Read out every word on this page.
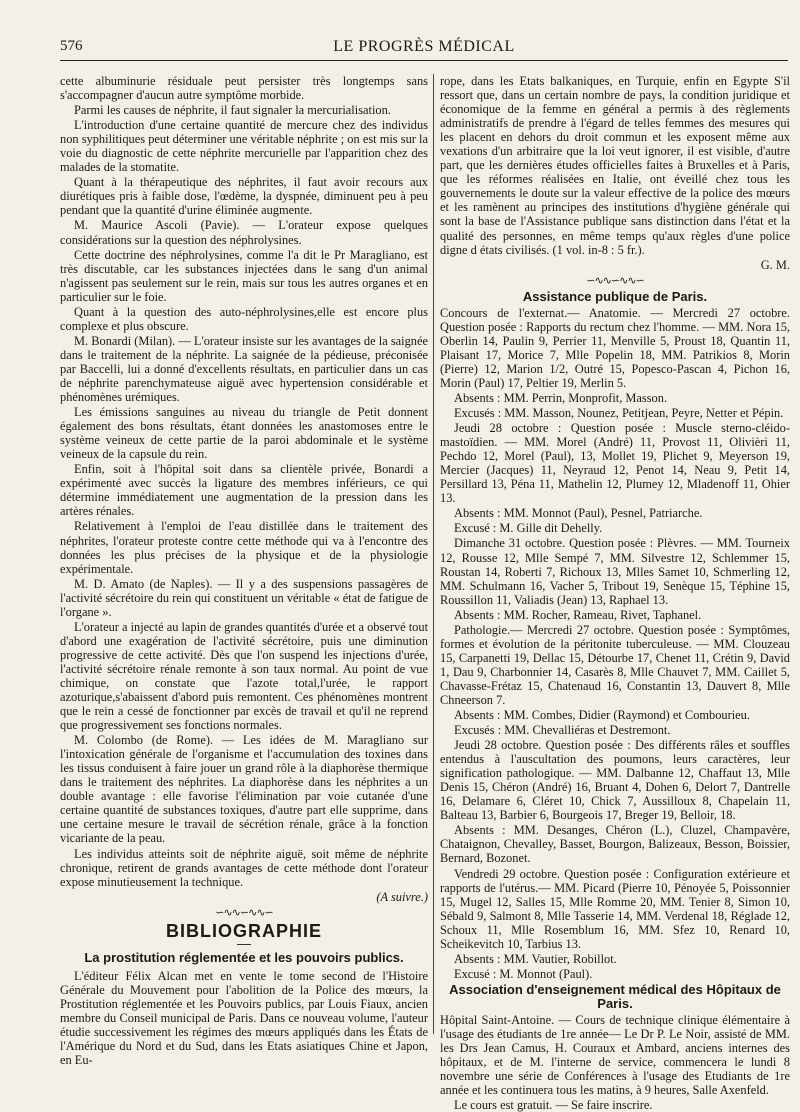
576	LE PROGRÈS MÉDICAL

cette albuminurie résiduale peut persister très longtemps sans s'accompagner d'aucun autre symptôme morbide.

Parmi les causes de néphrite, il faut signaler la mercurialisation.

L'introduction d'une certaine quantité de mercure chez des individus non syphilitiques peut déterminer une véritable néphrite ; on est mis sur la voie du diagnostic de cette néphrite mercurielle par l'apparition chez des malades de la stomatite.

Quant à la thérapeutique des néphrites, il faut avoir recours aux diurétiques pris à faible dose, l'œdème, la dyspnée, diminuent peu à peu pendant que la quantité d'urine éliminée augmente.

M. Maurice Ascoli (Pavie). — L'orateur expose quelques considérations sur la question des néphrolysines.

Cette doctrine des néphrolysines, comme l'a dit le Pr Maragliano, est très discutable, car les substances injectées dans le sang d'un animal n'agissent pas seulement sur le rein, mais sur tous les autres organes et en particulier sur le foie.

Quant à la question des auto-néphrolysines,elle est encore plus complexe et plus obscure.

M. Bonardi (Milan). — L'orateur insiste sur les avantages de la saignée dans le traitement de la néphrite. La saignée de la pédieuse, préconisée par Baccelli, lui a donné d'excellents résultats, en particulier dans un cas de néphrite parenchymateuse aiguë avec hypertension considérable et phénomènes urémiques.

Les émissions sanguines au niveau du triangle de Petit donnent également des bons résultats, étant données les anastomoses entre le système veineux de cette partie de la paroi abdominale et le système veineux de la capsule du rein.

Enfin, soit à l'hôpital soit dans sa clientèle privée, Bonardi a expérimenté avec succès la ligature des membres inférieurs, ce qui détermine immédiatement une augmentation de la pression dans les artères rénales.

Relativement à l'emploi de l'eau distillée dans le traitement des néphrites, l'orateur proteste contre cette méthode qui va à l'encontre des données les plus précises de la physique et de la physiologie expérimentale.

M. D. Amato (de Naples). — Il y a des suspensions passagères de l'activité sécrétoire du rein qui constituent un véritable « état de fatigue de l'organe ».

L'orateur a injecté au lapin de grandes quantités d'urée et a observé tout d'abord une exagération de l'activité sécrétoire, puis une diminution progressive de cette activité. Dès que l'on suspend les injections d'urée, l'activité sécrétoire rénale remonte à son taux normal. Au point de vue chimique, on constate que l'azote total,l'urée, le rapport azoturique,s'abaissent d'abord puis remontent. Ces phénomènes montrent que le rein a cessé de fonctionner par excès de travail et qu'il ne reprend que progressivement ses fonctions normales.

M. Colombo (de Rome). — Les idées de M. Maragliano sur l'intoxication générale de l'organisme et l'accumulation des toxines dans les tissus conduisent à faire jouer un grand rôle à la diaphorèse thermique dans le traitement des néphrites. La diaphorèse dans les néphrites a un double avantage : elle favorise l'élimination par voie cutanée d'une certaine quantité de substances toxiques, d'autre part elle supprime, dans une certaine mesure le travail de sécrétion rénale, grâce à la fonction vicariante de la peau.

Les individus atteints soit de néphrite aiguë, soit même de néphrite chronique, retirent de grands avantages de cette méthode dont l'orateur expose minutieusement la technique.

(A suivre.)

∽∿∿∽∿∿∽
BIBLIOGRAPHIE
La prostitution réglementée et les pouvoirs publics.

L'éditeur Félix Alcan met en vente le tome second de l'Histoire Générale du Mouvement pour l'abolition de la Police des mœurs, la Prostitution réglementée et les Pouvoirs publics, par Louis Fiaux, ancien membre du Conseil municipal de Paris. Dans ce nouveau volume, l'auteur étudie successivement les régimes des mœurs appliqués dans les États de l'Amérique du Nord et du Sud, dans les Etats asiatiques Chine et Japon, en Eu-

rope, dans les Etats balkaniques, en Turquie, enfin en Egypte S'il ressort que, dans un certain nombre de pays, la condition juridique et économique de la femme en général a permis à des règlements administratifs de prendre à l'égard de telles femmes des mesures qui les placent en dehors du droit commun et les exposent même aux vexations d'un arbitraire que la loi veut ignorer, il est visible, d'autre part, que les dernières études officielles faites à Bruxelles et à Paris, que les réformes réalisées en Italie, ont éveillé chez tous les gouvernements le doute sur la valeur effective de la police des mœurs et les ramènent au principes des institutions d'hygiène générale qui sont la base de l'Assistance publique sans distinction dans l'état et la qualité des personnes, en même temps qu'aux règles d'une police digne d états civilisés. (1 vol. in-8 : 5 fr.).

G. M.

∽∿∿∽∿∿∽
Assistance publique de Paris.

Concours de l'externat.— Anatomie. — Mercredi 27 octobre. Question posée : Rapports du rectum chez l'homme. — MM. Nora 15, Oberlin 14, Paulin 9, Perrier 11, Menville 5, Proust 18, Quantin 11, Plaisant 17, Morice 7, Mlle Popelin 18, MM. Patrikios 8, Morin (Pierre) 12, Marion 1/2, Outré 15, Popesco-Pascan 4, Pichon 16, Morin (Paul) 17, Peltier 19, Merlin 5.

Absents : MM. Perrin, Monprofit, Masson.

Excusés : MM. Masson, Nounez, Petitjean, Peyre, Netter et Pépin.

Jeudi 28 octobre : Question posée : Muscle sterno-cléido-mastoïdien. — MM. Morel (André) 11, Provost 11, Olivièri 11, Pechdo 12, Morel (Paul), 13, Mollet 19, Plichet 9, Meyerson 19, Mercier (Jacques) 11, Neyraud 12, Penot 14, Neau 9, Petit 14, Persillard 13, Péna 11, Mathelin 12, Plumey 12, Mladenoff 11, Ohier 13.

Absents : MM. Monnot (Paul), Pesnel, Patriarche.

Excusé : M. Gille dit Dehelly.

Dimanche 31 octobre. Question posée : Plèvres. — MM. Tourneix 12, Rousse 12, Mlle Sempé 7, MM. Silvestre 12, Schlemmer 15, Roustan 14, Roberti 7, Richoux 13, Mlles Samet 10, Schmerling 12, MM. Schulmann 16, Vacher 5, Tribout 19, Senèque 15, Téphine 15, Roussillon 11, Valiadis (Jean) 13, Raphael 13.

Absents : MM. Rocher, Rameau, Rivet, Taphanel.

Pathologie.— Mercredi 27 octobre. Question posée : Symptômes, formes et évolution de la péritonite tuberculeuse. — MM. Clouzeau 15, Carpanetti 19, Dellac 15, Détourbe 17, Chenet 11, Crétin 9, David 1, Dau 9, Charbonnier 14, Casarès 8, Mlle Chauvet 7, MM. Caillet 5, Chavasse-Frétaz 15, Chatenaud 16, Constantin 13, Dauvert 8, Mlle Chneerson 7.

Absents : MM. Combes, Didier (Raymond) et Combourieu.

Excusés : MM. Chevalliéras et Destremont.

Jeudi 28 octobre. Question posée : Des différents râles et souffles entendus à l'auscultation des poumons, leurs caractères, leur signification pathologique. — MM. Dalbanne 12, Chaffaut 13, Mlle Denis 15, Chéron (André) 16, Bruant 4, Dohen 6, Delort 7, Dantrelle 16, Delamare 6, Cléret 10, Chick 7, Aussilloux 8, Chapelain 11, Balteau 13, Barbier 6, Bourgeois 17, Breger 19, Belloir, 18.

Absents : MM. Desanges, Chéron (L.), Cluzel, Champavère, Chataignon, Chevalley, Basset, Bourgon, Balizeaux, Besson, Boissier, Bernard, Bozonet.

Vendredi 29 octobre. Question posée : Configuration extérieure et rapports de l'utérus.— MM. Picard (Pierre 10, Pénoyée 5, Poissonnier 15, Mugel 12, Salles 15, Mlle Romme 20, MM. Tenier 8, Simon 10, Sébald 9, Salmont 8, Mlle Tasserie 14, MM. Verdenal 18, Réglade 12, Schoux 11, Mlle Rosemblum 16, MM. Sfez 10, Renard 10, Scheikevitch 10, Tarbius 13.

Absents : MM. Vautier, Robillot.

Excusé : M. Monnot (Paul).

Association d'enseignement médical des Hôpitaux de Paris.

Hôpital Saint-Antoine. — Cours de technique clinique élémentaire à l'usage des étudiants de 1re année— Le Dr P. Le Noir, assisté de MM. les Drs Jean Camus, H. Couraux et Ambard, anciens internes des hôpitaux, et de M. l'interne de service, commencera le lundi 8 novembre une série de Conférences à l'usage des Etudiants de 1re année et les continuera tous les matins, à 9 heures, Salle Axenfeld.

Le cours est gratuit. — Se faire inscrire.
